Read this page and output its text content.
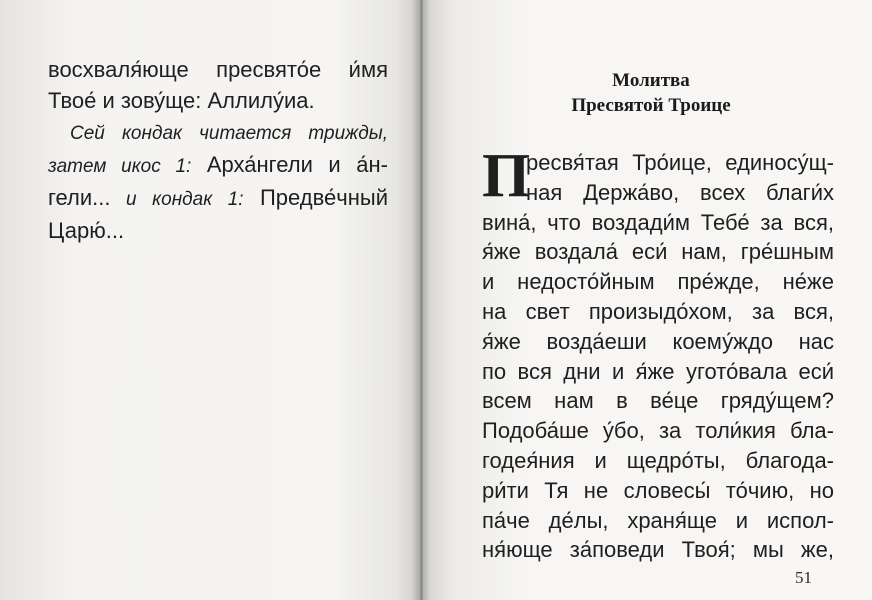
восхваля́юще пресвято́е и́мя

Твое́ и зову́ще: Аллилу́иа.

Сей кондак читается трижды,

затем икос 1: Арха́нгели и а́н-

гели... и кондак 1: Предве́чный

Царю́...

Молитва
Пресвятой Троице
П
ресвя́тая Тро́ице, единосу́щ-
ная Держа́во, всех благи́х
вина́, что воздади́м Тебе́ за вся,
я́же воздала́ еси́ нам, гре́шным
и недосто́йным пре́жде, не́же
на свет произыдо́хом, за вся,
я́же возда́еши коему́ждо нас
по вся дни и я́же угото́вала еси́
всем нам в ве́це гряду́щем?
Подоба́ше у́бо, за толи́кия бла-
годея́ния и щедро́ты, благода-
ри́ти Тя не словеcы́ то́чию, но
па́че де́лы, храня́ще и испол-
ня́юще за́поведи Твоя́; мы же,
51
